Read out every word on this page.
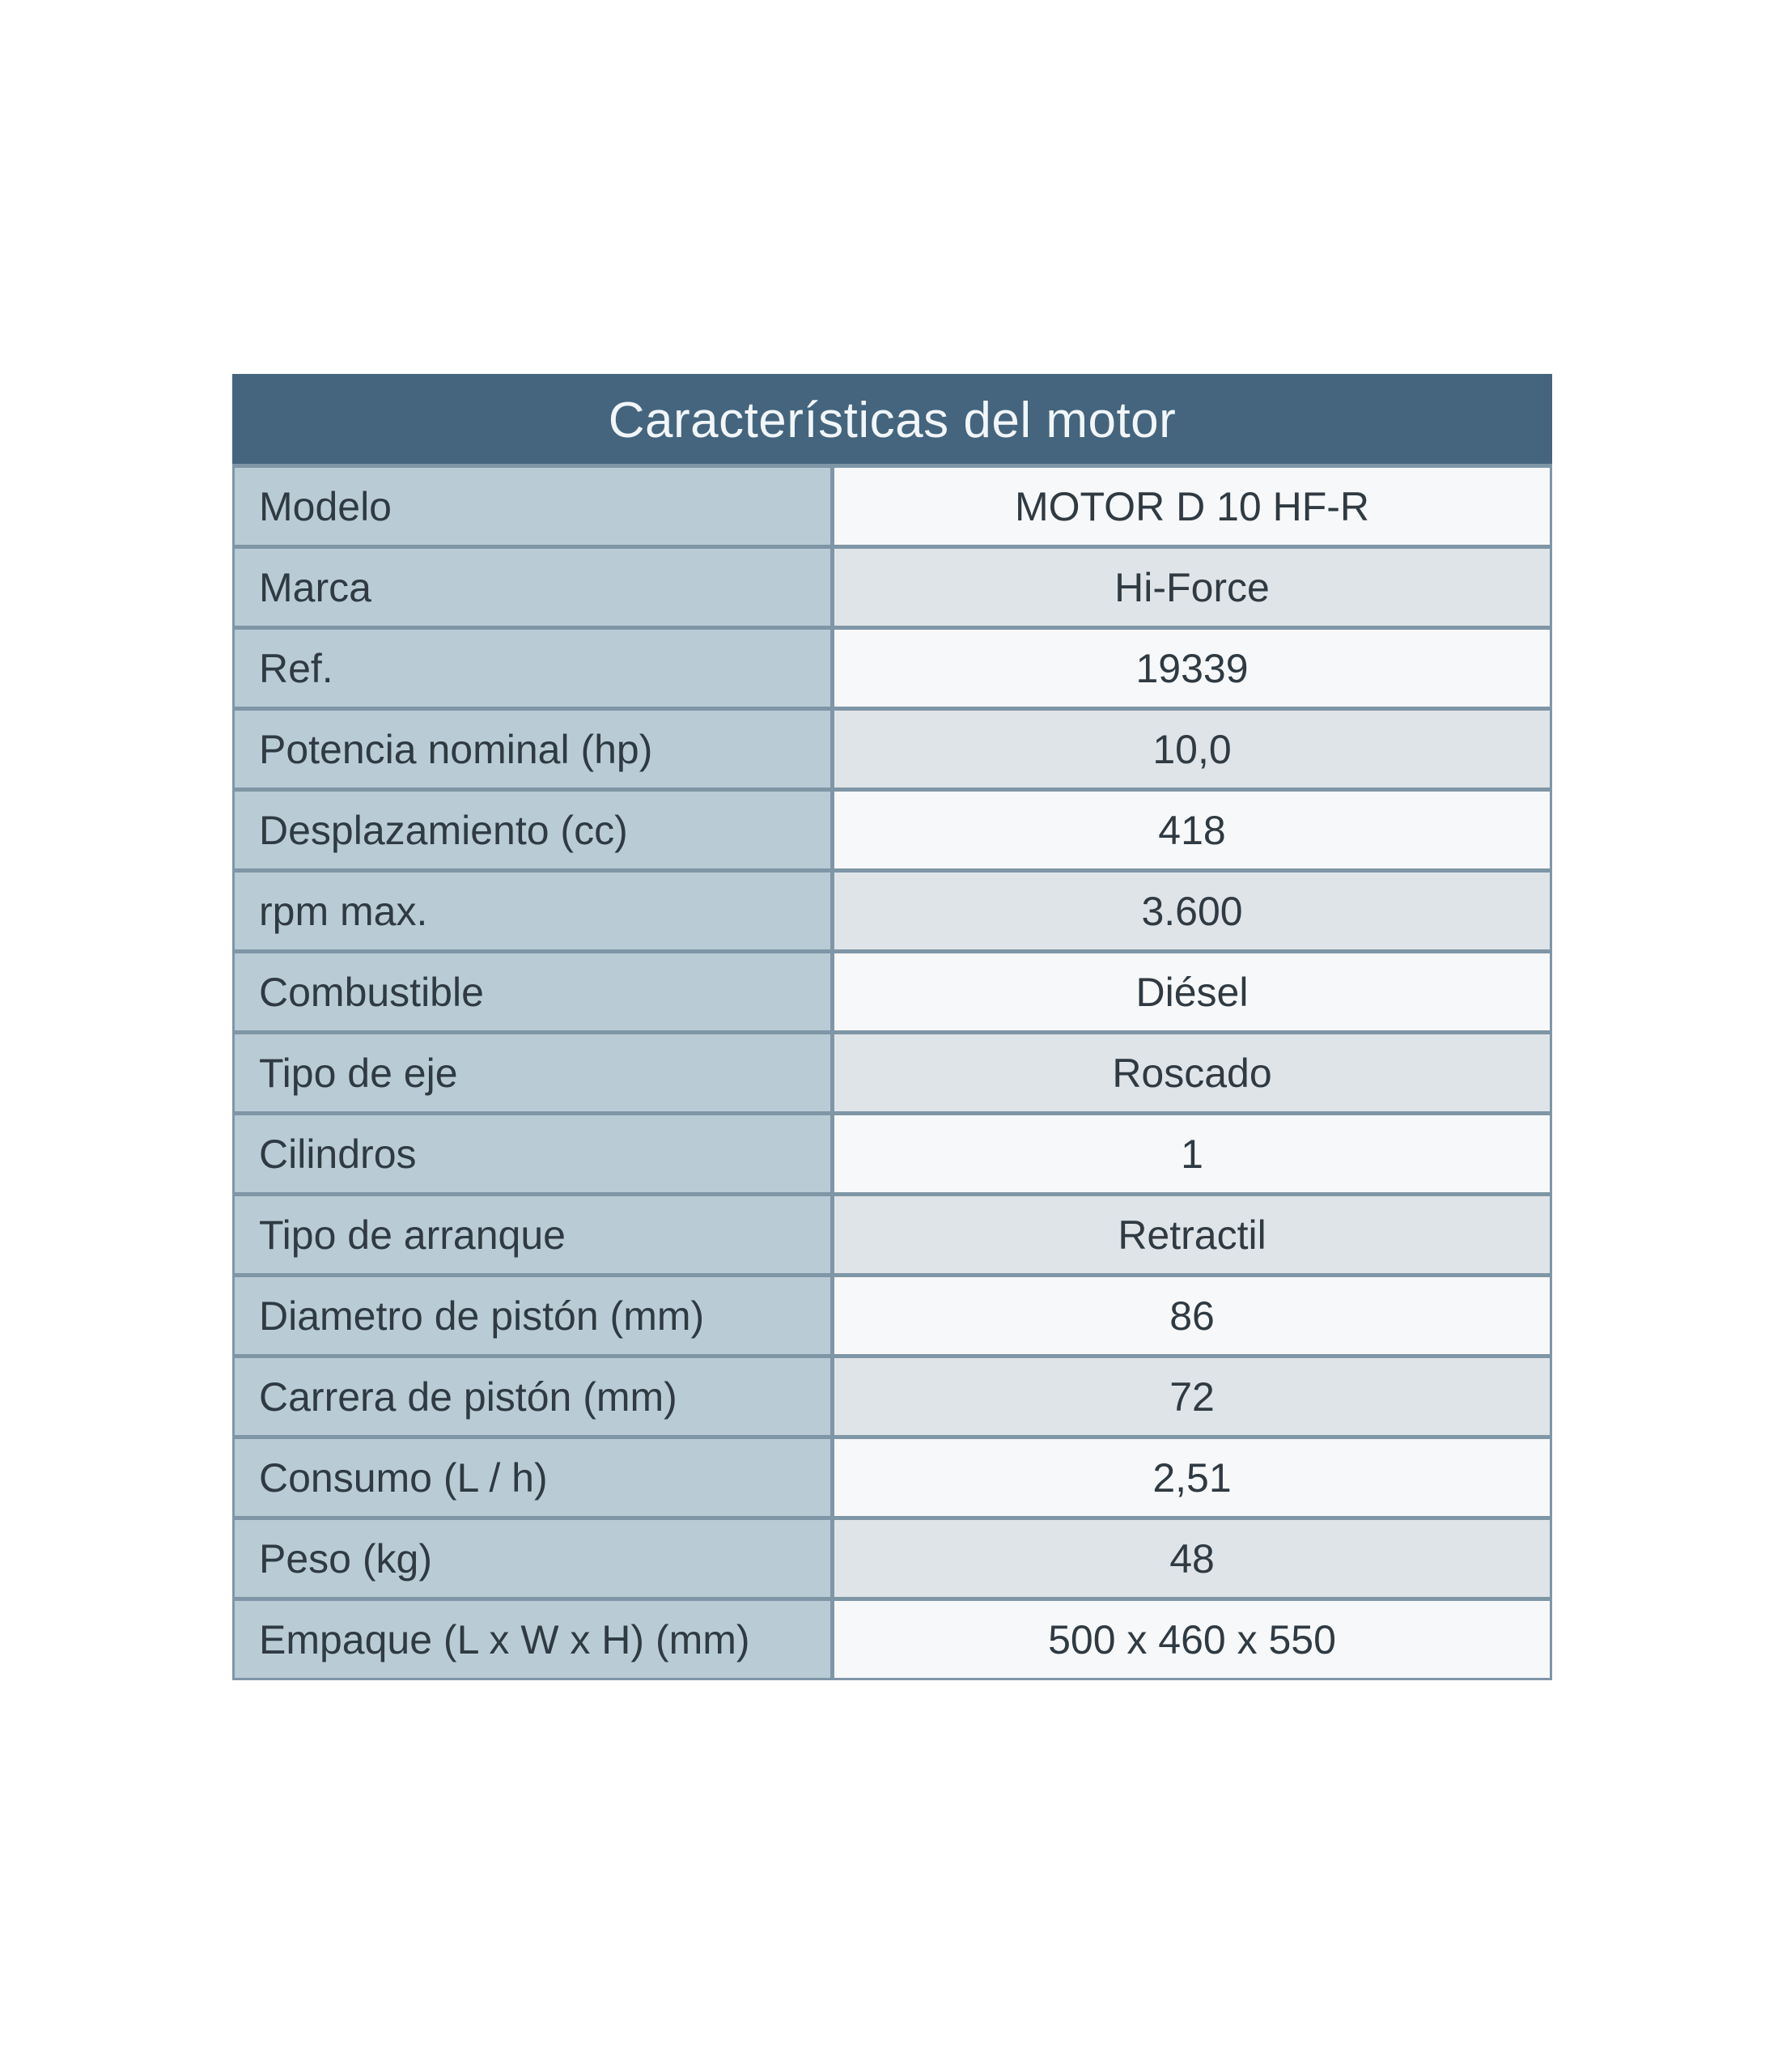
Características del motor	
Modelo	MOTOR D 10 HF-R
Marca	Hi-Force
Ref.	19339
Potencia nominal (hp)	10,0
Desplazamiento (cc)	418
rpm max.	3.600
Combustible	Diésel
Tipo de eje	Roscado
Cilindros	1
Tipo de arranque	Retractil
Diametro de pistón (mm)	86
Carrera de pistón (mm)	72
Consumo (L / h)	2,51
Peso (kg)	48
Empaque (L x W x H) (mm)	500 x 460 x 550
